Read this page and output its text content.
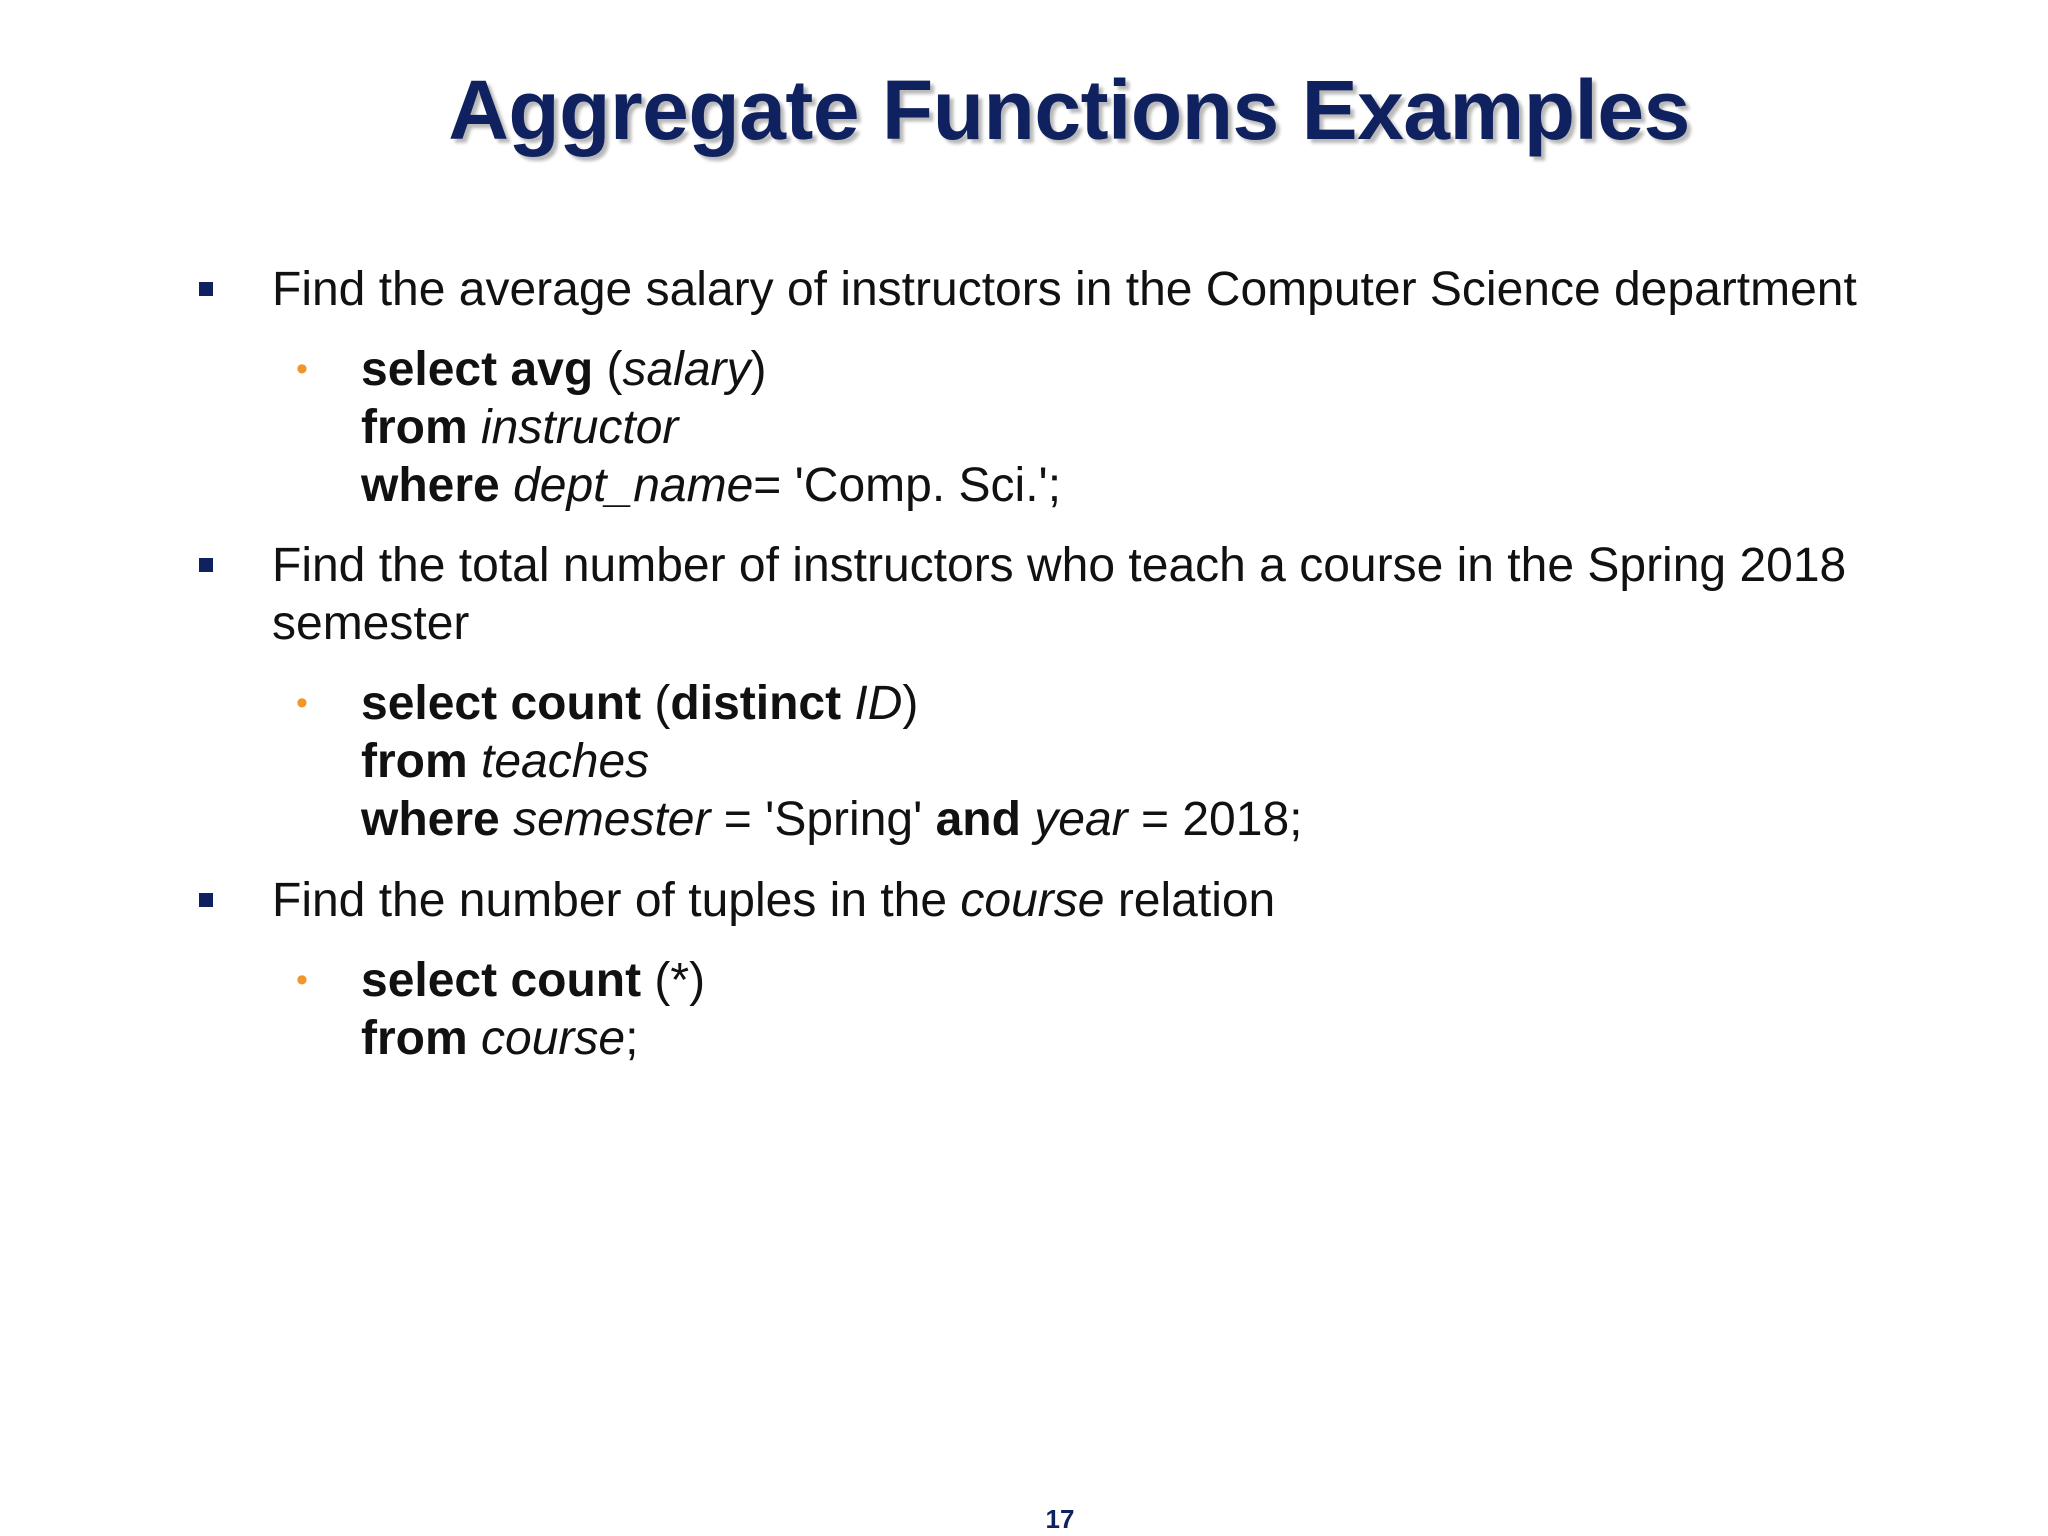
Aggregate Functions Examples
Find the average salary of instructors in the Computer Science department
• select avg (salary)
from instructor
where dept_name= 'Comp. Sci.';
Find the total number of instructors who teach a course in the Spring 2018 semester
• select count (distinct ID)
from teaches
where semester = 'Spring' and year = 2018;
Find the number of tuples in the course relation
• select count (*)
from course;
17
